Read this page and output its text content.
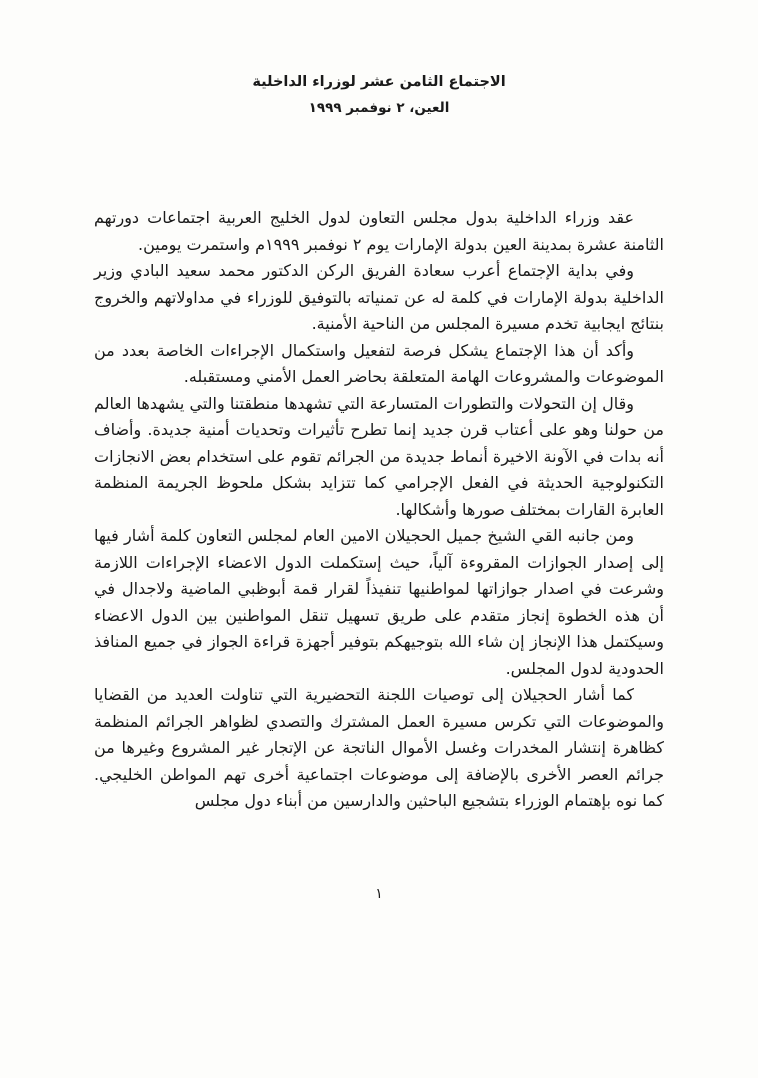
الاجتماع الثامن عشر لوزراء الداخلية
العين، ٢ نوفمبر ١٩٩٩

عقد وزراء الداخلية بدول مجلس التعاون لدول الخليج العربية اجتماعات دورتهم الثامنة عشرة بمدينة العين بدولة الإمارات يوم ٢ نوفمبر ١٩٩٩م واستمرت يومين.

وفي بداية الإجتماع أعرب سعادة الفريق الركن الدكتور محمد سعيد البادي وزير الداخلية بدولة الإمارات في كلمة له عن تمنياته بالتوفيق للوزراء في مداولاتهم والخروج بنتائج ايجابية تخدم مسيرة المجلس من الناحية الأمنية.

وأكد أن هذا الإجتماع يشكل فرصة لتفعيل واستكمال الإجراءات الخاصة بعدد من الموضوعات والمشروعات الهامة المتعلقة بحاضر العمل الأمني ومستقبله.

وقال إن التحولات والتطورات المتسارعة التي تشهدها منطقتنا والتي يشهدها العالم من حولنا وهو على أعتاب قرن جديد إنما تطرح تأثيرات وتحديات أمنية جديدة. وأضاف أنه بدات في الآونة الاخيرة أنماط جديدة من الجرائم تقوم على استخدام بعض الانجازات التكنولوجية الحديثة في الفعل الإجرامي كما تتزايد بشكل ملحوظ الجريمة المنظمة العابرة القارات بمختلف صورها وأشكالها.

ومن جانبه القي الشيخ جميل الحجيلان الامين العام لمجلس التعاون كلمة أشار فيها إلى إصدار الجوازات المقروءة آلياً، حيث إستكملت الدول الاعضاء الإجراءات اللازمة وشرعت في اصدار جوازاتها لمواطنيها تنفيذاً لقرار قمة أبوظبي الماضية ولاجدال في أن هذه الخطوة إنجاز متقدم على طريق تسهيل تنقل المواطنين بين الدول الاعضاء وسيكتمل هذا الإنجاز إن شاء الله بتوجيهكم بتوفير أجهزة قراءة الجواز في جميع المنافذ الحدودية لدول المجلس.

كما أشار الحجيلان إلى توصيات اللجنة التحضيرية التي تناولت العديد من القضايا والموضوعات التي تكرس مسيرة العمل المشترك والتصدي لظواهر الجرائم المنظمة كظاهرة إنتشار المخدرات وغسل الأموال الناتجة عن الإتجار غير المشروع وغيرها من جرائم العصر الأخرى بالإضافة إلى موضوعات اجتماعية أخرى تهم المواطن الخليجي. كما نوه بإهتمام الوزراء بتشجيع الباحثين والدارسين من أبناء دول مجلس

١
